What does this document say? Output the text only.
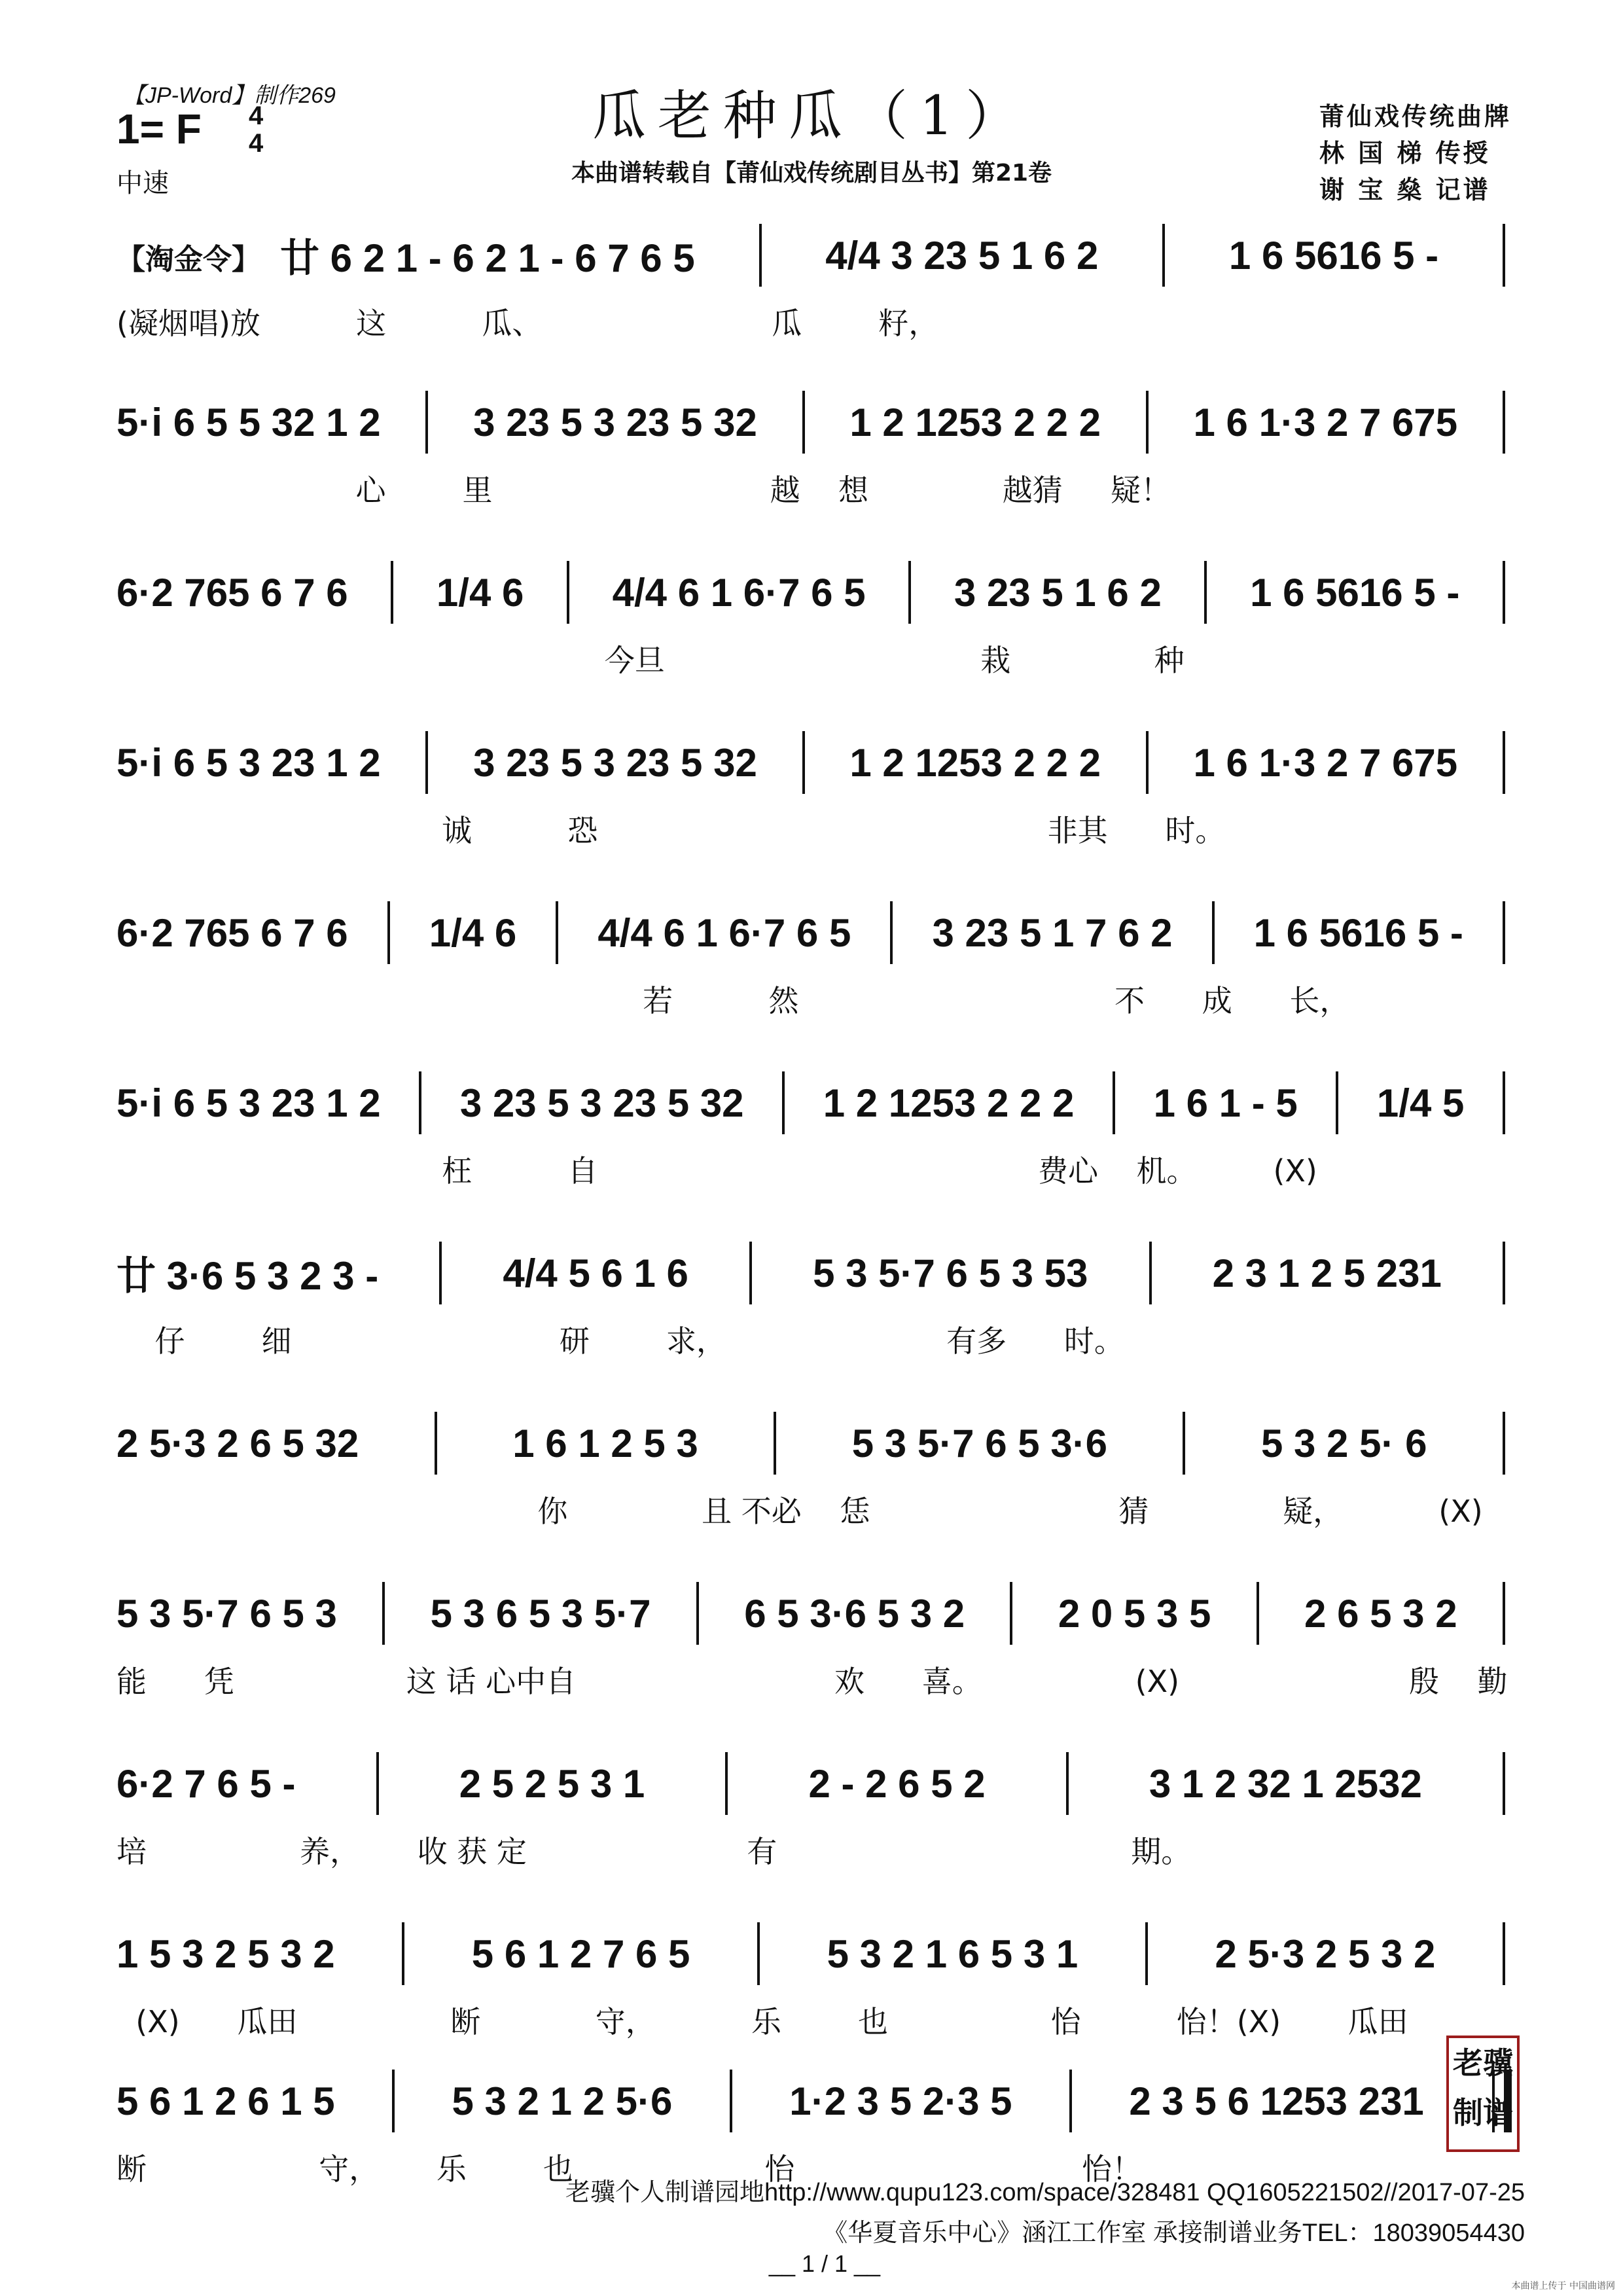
【JP-Word】制作269
1= F 4
4
中速
瓜老种瓜（1）
本曲谱转载自【莆仙戏传统剧目丛书】第21卷
莆仙戏传统曲牌
林 国 梯 传授
谢 宝 燊 记谱
廿 6 2 1 - 6 2 1 - 6 7 6 5	4/4 3 23 5 1 6 2	1 6 5616 5 -
【淘金令】
(凝烟唱)放          这          瓜、                        瓜        籽，
5·i 6 5 5 32 1 2 3 23 5 3 23 5 32 1 2 1253 2 2 2 1 6 1·3 2 7 675
心        里                             越    想              越猜     疑！
6·2 765 6 7 6 1/4 6 4/4 6 1 6·7 6 5 3 23 5 1 6 2 1 6 5616 5 -
今旦                                 栽               种
5·i 6 5 3 23 1 2 3 23 5 3 23 5 32 1 2 1253 2 2 2 1 6 1·3 2 7 675
诚          恐                                               非其      时。
6·2 765 6 7 6 1/4 6 4/4 6 1 6·7 6 5 3 23 5 1 7 6 2 1 6 5616 5 -
若          然                                 不      成      长，
5·i 6 5 3 23 1 2 3 23 5 3 23 5 32 1 2 1253 2 2 2 1 6 1 - 5 1/4 5
枉          自                                              费心    机。        (X)
廿 3·6 5 3 2 3 -	4/4 5 6 1 6	5 3 5·7 6 5 3 53	2 3 1 2 5 231
仔        细                            研        求，                       有多      时。
2 5·3 2 6 5 32	1 6 1 2 5 3	5 3 5·7 6 5 3·6	5 3 2 5· 6
你              且 不必    恁                          猜              疑，          (X)
5 3 5·7 6 5 3 5 3 6 5 3 5·7 6 5 3·6 5 3 2 2 0 5 3 5 2 6 5 3 2
能      凭                  这 话 心中自                           欢      喜。                (X)                        殷    勤
6·2 7 6 5 -	2 5 2 5 3 1	2 - 2 6 5 2	3 1 2 32 1 2532
培                养，      收 获 定                       有                                     期。
1 5 3 2 5 3 2	5 6 1 2 7 6 5	5 3 2 1 6 5 3 1	2 5·3 2 5 3 2
(X)      瓜田                断            守，          乐        也                 怡          怡！(X)       瓜田
5 6 1 2 6 1 5	5 3 2 1 2 5·6	1·2 3 5 2·3 5	2 3 5 6 1253 231
断                  守，      乐        也                    怡                              怡！
老骥
制谱
老骥个人制谱园地http://www.qupu123.com/space/328481 QQ1605221502//2017-07-25
《华夏音乐中心》涵江工作室 承接制谱业务TEL：18039054430
__ 1 / 1 __
本曲谱上传于 中国曲谱网
